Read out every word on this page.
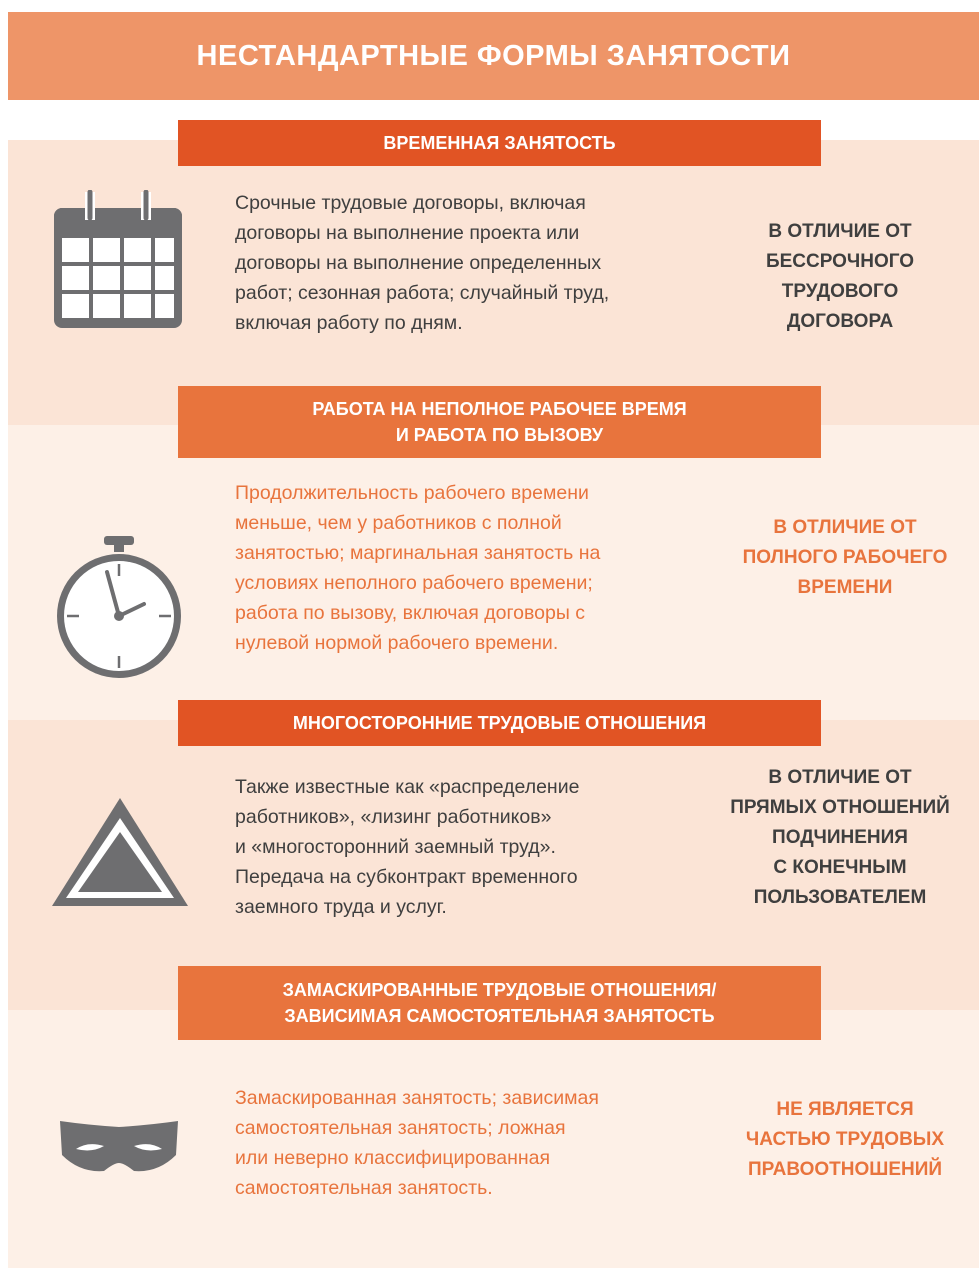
НЕСТАНДАРТНЫЕ ФОРМЫ ЗАНЯТОСТИ
ВРЕМЕННАЯ ЗАНЯТОСТЬ
Срочные трудовые договоры, включая
договоры на выполнение проекта или
договоры на выполнение определенных
работ; сезонная работа; случайный труд,
включая работу по дням.
В ОТЛИЧИЕ ОТ
БЕССРОЧНОГО
ТРУДОВОГО
ДОГОВОРА
РАБОТА НА НЕПОЛНОЕ РАБОЧЕЕ ВРЕМЯ
И РАБОТА ПО ВЫЗОВУ
Продолжительность рабочего времени
меньше, чем у работников с полной
занятостью; маргинальная занятость на
условиях неполного рабочего времени;
работа по вызову, включая договоры с
нулевой нормой рабочего времени.
В ОТЛИЧИЕ ОТ
ПОЛНОГО РАБОЧЕГО
ВРЕМЕНИ
МНОГОСТОРОННИЕ ТРУДОВЫЕ ОТНОШЕНИЯ
Также известные как «распределение
работников», «лизинг работников»
и «многосторонний заемный труд».
Передача на субконтракт временного
заемного труда и услуг.
В ОТЛИЧИЕ ОТ
ПРЯМЫХ ОТНОШЕНИЙ
ПОДЧИНЕНИЯ
С КОНЕЧНЫМ
ПОЛЬЗОВАТЕЛЕМ
ЗАМАСКИРОВАННЫЕ ТРУДОВЫЕ ОТНОШЕНИЯ/
ЗАВИСИМАЯ САМОСТОЯТЕЛЬНАЯ ЗАНЯТОСТЬ
Замаскированная занятость; зависимая
самостоятельная занятость; ложная
или неверно классифицированная
самостоятельная занятость.
НЕ ЯВЛЯЕТСЯ
ЧАСТЬЮ ТРУДОВЫХ
ПРАВООТНОШЕНИЙ
